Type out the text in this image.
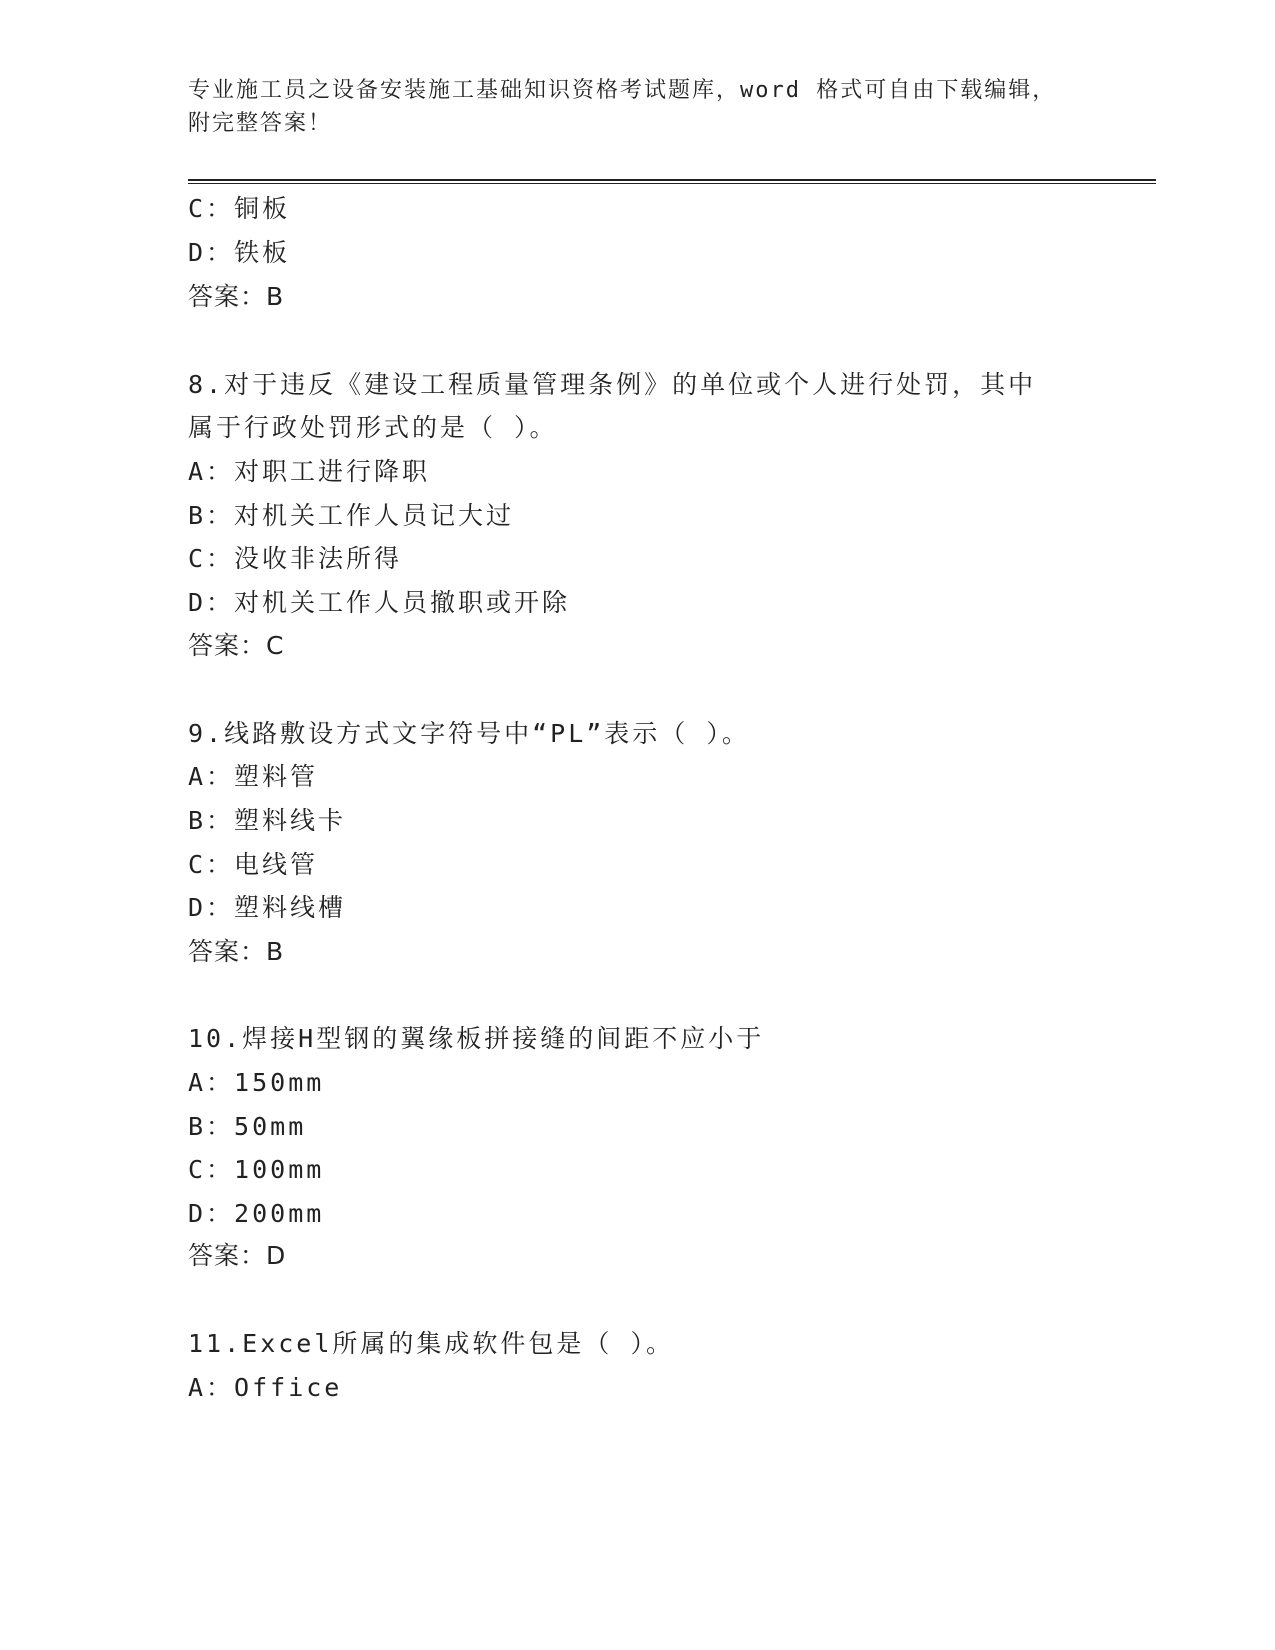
专业施工员之设备安装施工基础知识资格考试题库，word 格式可自由下载编辑，
附完整答案！
C：铜板
D：铁板
答案：B
8.对于违反《建设工程质量管理条例》的单位或个人进行处罚，其中
属于行政处罚形式的是（ ）。
A：对职工进行降职
B：对机关工作人员记大过
C：没收非法所得
D：对机关工作人员撤职或开除
答案：C
9.线路敷设方式文字符号中“PL”表示（ ）。
A：塑料管
B：塑料线卡
C：电线管
D：塑料线槽
答案：B
10.焊接H型钢的翼缘板拼接缝的间距不应小于
A：150mm
B：50mm
C：100mm
D：200mm
答案：D
11.Excel所属的集成软件包是（ ）。
A：Office
